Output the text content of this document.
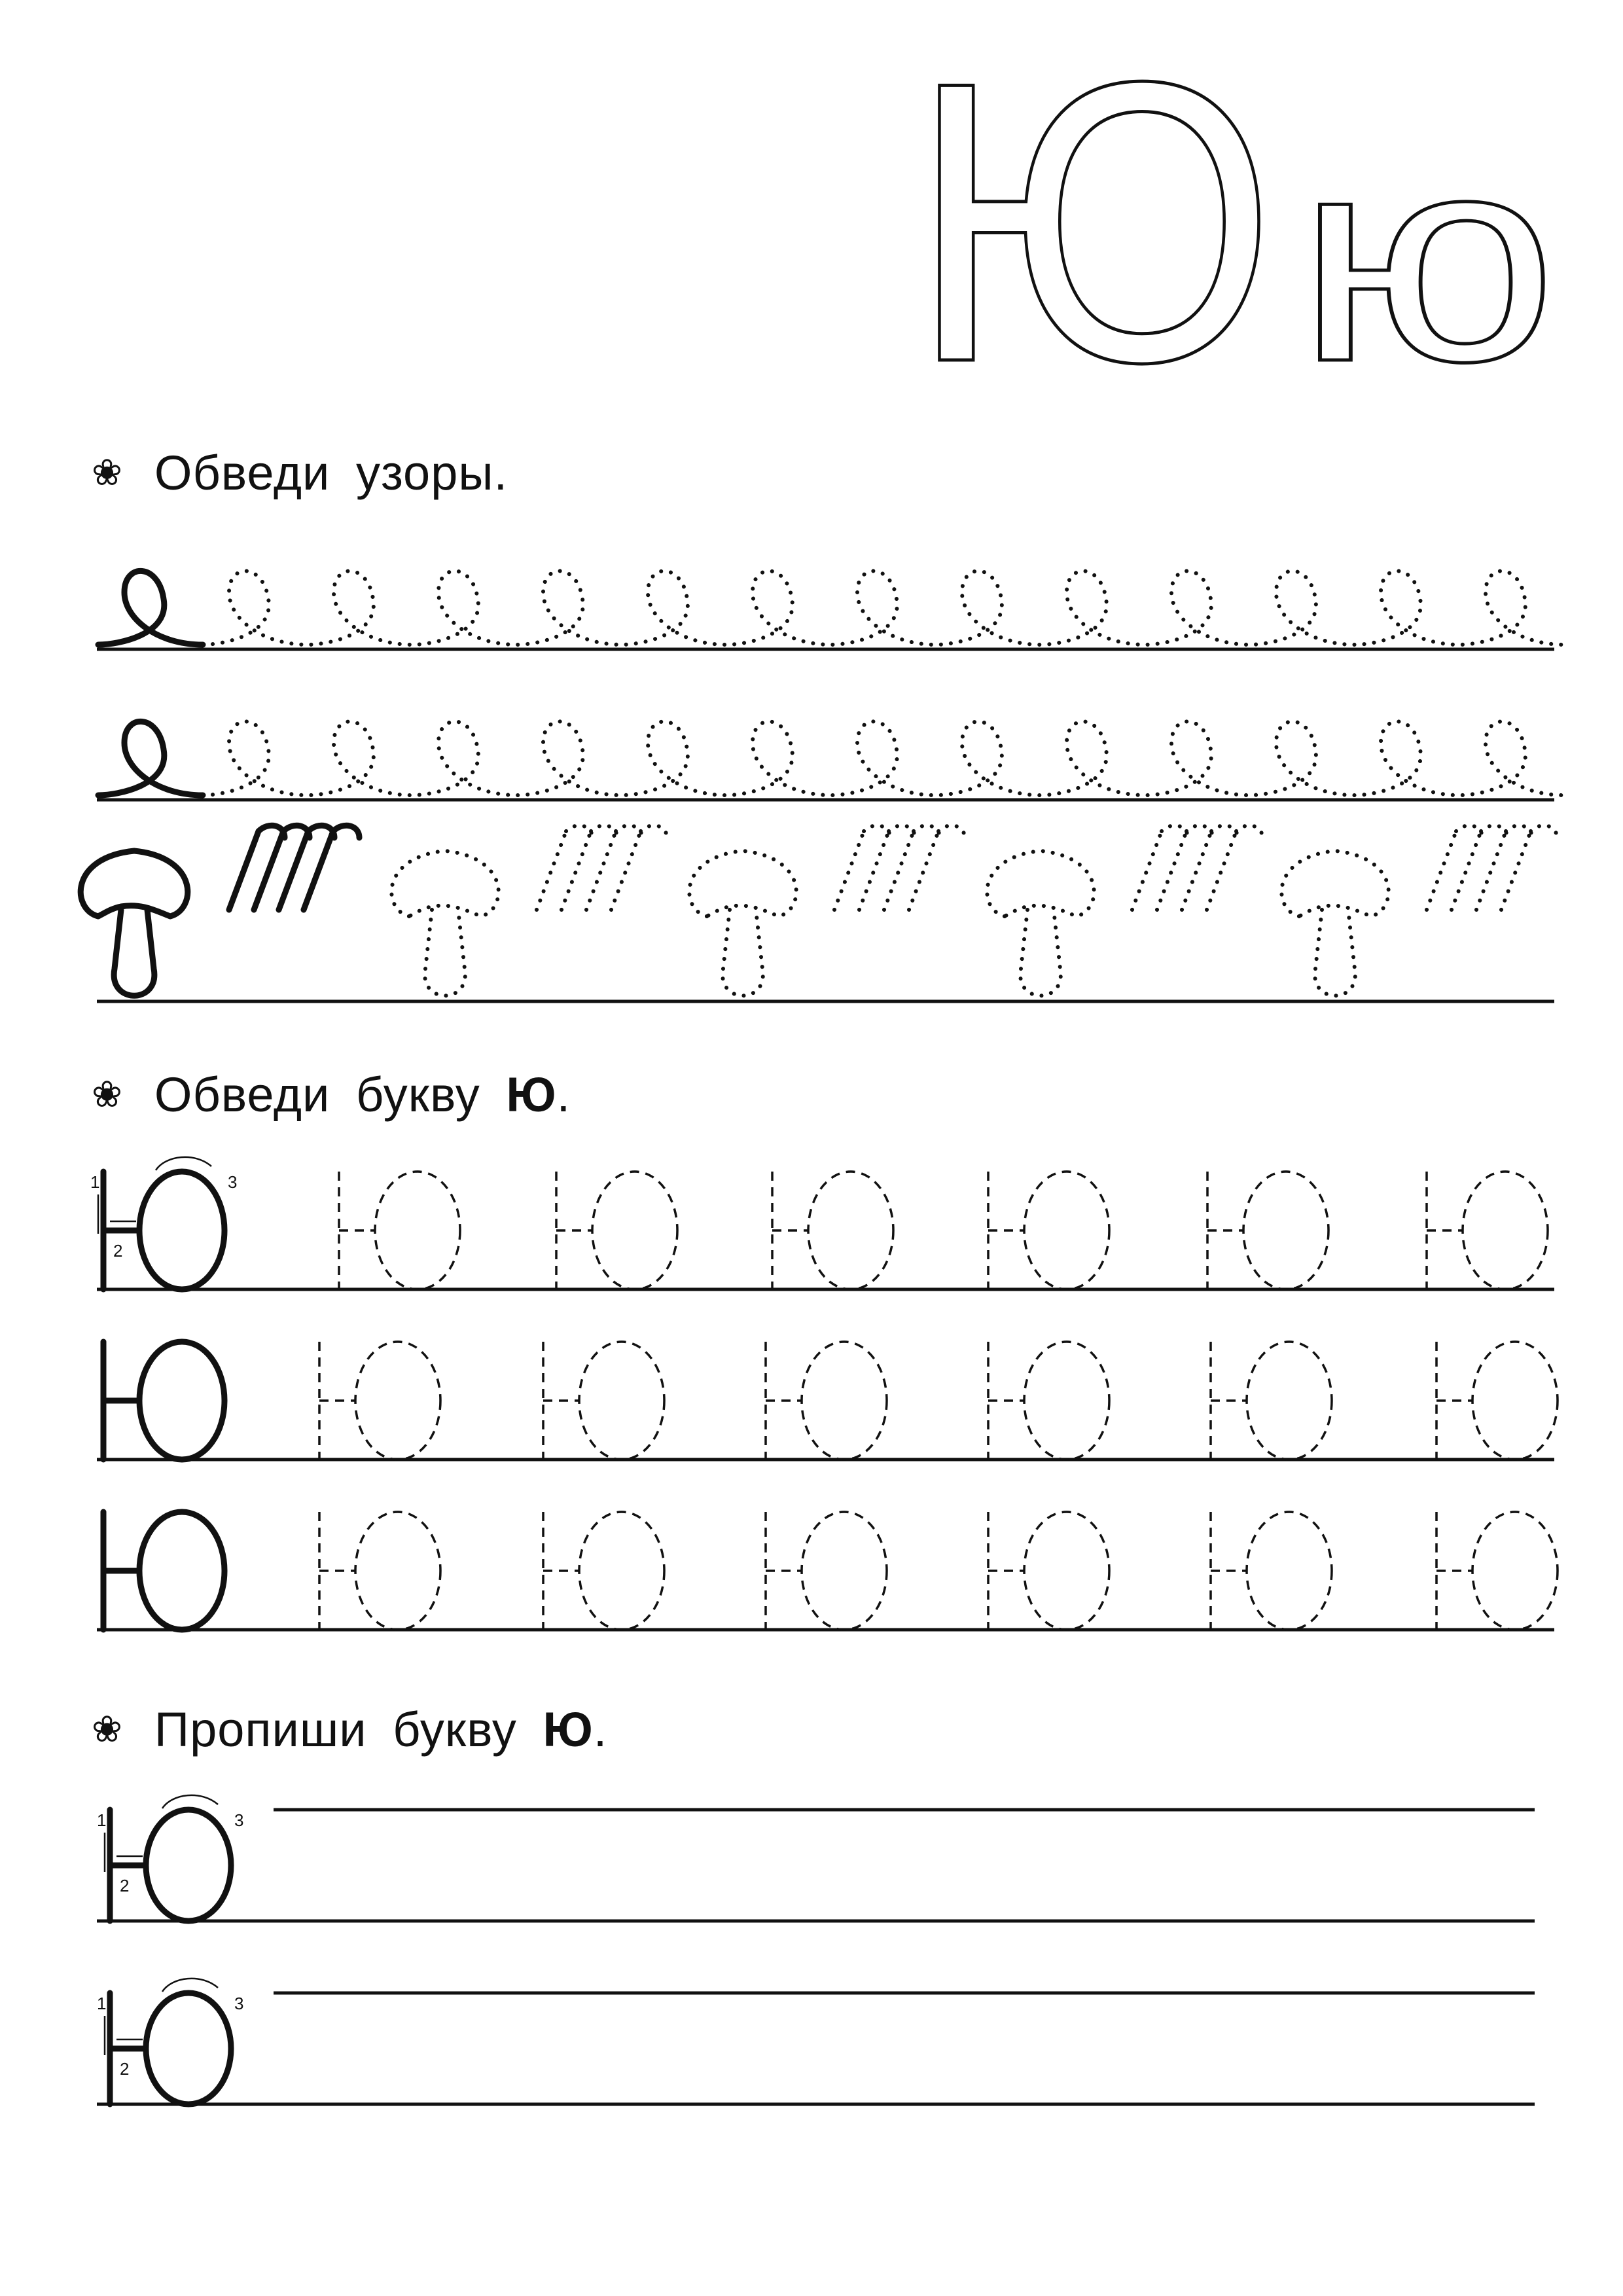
Ю ю
❀ Обведи узоры.
❀ Обведи букву Ю.
1
2
3
❀ Пропиши букву Ю.
1
2
3
1
2
3
